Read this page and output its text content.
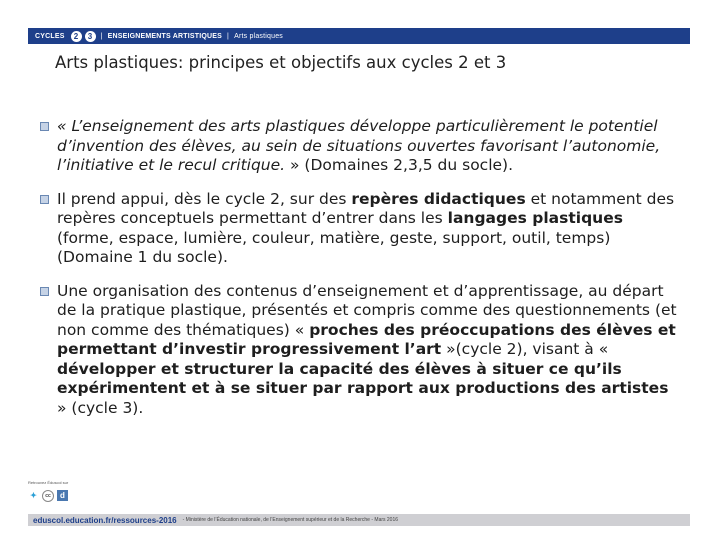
CYCLES	2	3	| ENSEIGNEMENTS ARTISTIQUES | Arts plastiques
Arts plastiques: principes et objectifs aux cycles 2 et 3
« L’enseignement des arts plastiques développe particulièrement le potentiel d’invention des élèves, au sein de situations ouvertes favorisant l’autonomie, l’initiative et le recul critique. » (Domaines 2,3,5 du socle).
Il prend appui, dès le cycle 2, sur des repères didactiques et notamment des repères conceptuels permettant d’entrer dans les langages plastiques (forme, espace, lumière, couleur, matière, geste, support, outil, temps) (Domaine 1 du socle).
Une organisation des contenus d’enseignement et d’apprentissage, au départ de la pratique plastique, présentés et compris comme des questionnements (et non comme des thématiques) « proches des préoccupations des élèves et permettant d’investir progressivement l’art »(cycle 2), visant à « développer et structurer la capacité des élèves à situer ce qu’ils expérimentent et à se situer par rapport aux productions des artistes » (cycle 3).
Retrouvez Éduscol sur
✦	cc	d
eduscol.education.fr/ressources-2016 - Ministère de l’Éducation nationale, de l’Enseignement supérieur et de la Recherche - Mars 2016
